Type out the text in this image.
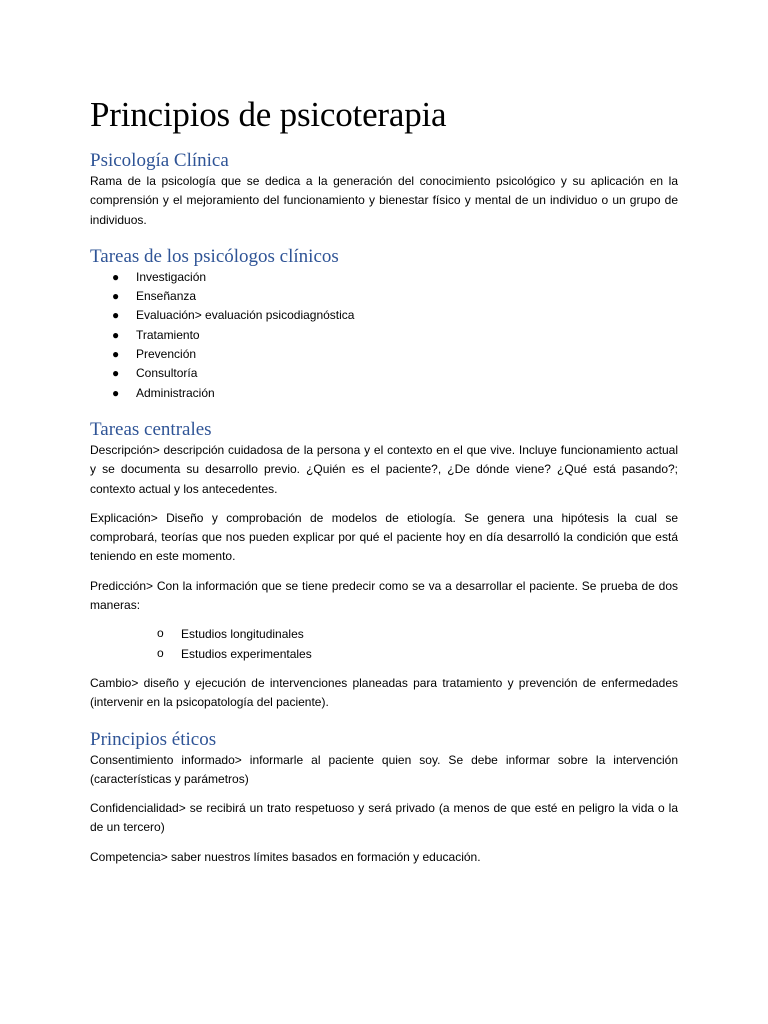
Principios de psicoterapia
Psicología Clínica

Rama de la psicología que se dedica a la generación del conocimiento psicológico y su aplicación en la comprensión y el mejoramiento del funcionamiento y bienestar físico y mental de un individuo o un grupo de individuos.

Tareas de los psicólogos clínicos
● Investigación
● Enseñanza
● Evaluación> evaluación psicodiagnóstica
● Tratamiento
● Prevención
● Consultoría
● Administración
Tareas centrales

Descripción> descripción cuidadosa de la persona y el contexto en el que vive. Incluye funcionamiento actual y se documenta su desarrollo previo. ¿Quién es el paciente?, ¿De dónde viene? ¿Qué está pasando?; contexto actual y los antecedentes.

Explicación> Diseño y comprobación de modelos de etiología. Se genera una hipótesis la cual se comprobará, teorías que nos pueden explicar por qué el paciente hoy en día desarrolló la condición que está teniendo en este momento.

Predicción> Con la información que se tiene predecir como se va a desarrollar el paciente. Se prueba de dos maneras:

o Estudios longitudinales
o Estudios experimentales

Cambio> diseño y ejecución de intervenciones planeadas para tratamiento y prevención de enfermedades (intervenir en la psicopatología del paciente).

Principios éticos

Consentimiento informado> informarle al paciente quien soy. Se debe informar sobre la intervención (características y parámetros)

Confidencialidad> se recibirá un trato respetuoso y será privado (a menos de que esté en peligro la vida o la de un tercero)

Competencia> saber nuestros límites basados en formación y educación.
